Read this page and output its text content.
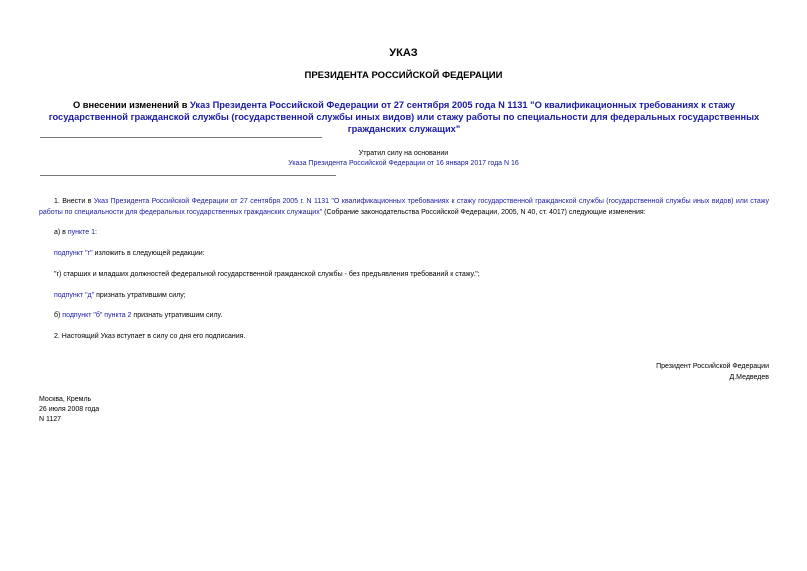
УКАЗ
ПРЕЗИДЕНТА РОССИЙСКОЙ ФЕДЕРАЦИИ
О внесении изменений в Указ Президента Российской Федерации от 27 сентября 2005 года N 1131 "О квалификационных требованиях к стажу государственной гражданской службы (государственной службы иных видов) или стажу работы по специальности для федеральных государственных гражданских служащих"
Утратил силу на основании
Указа Президента Российской Федерации от 16 января 2017 года N 16
1. Внести в Указ Президента Российской Федерации от 27 сентября 2005 г. N 1131 "О квалификационных требованиях к стажу государственной гражданской службы (государственной службы иных видов) или стажу работы по специальности для федеральных государственных гражданских служащих" (Собрание законодательства Российской Федерации, 2005, N 40, ст. 4017) следующие изменения:
а) в пункте 1:
подпункт "г" изложить в следующей редакции:
"г) старших и младших должностей федеральной государственной гражданской службы - без предъявления требований к стажу.";
подпункт "д" признать утратившим силу;
б) подпункт "б" пункта 2 признать утратившим силу.
2. Настоящий Указ вступает в силу со дня его подписания.
Президент Российской Федерации
Д.Медведев
Москва, Кремль
26 июля 2008 года
N 1127
